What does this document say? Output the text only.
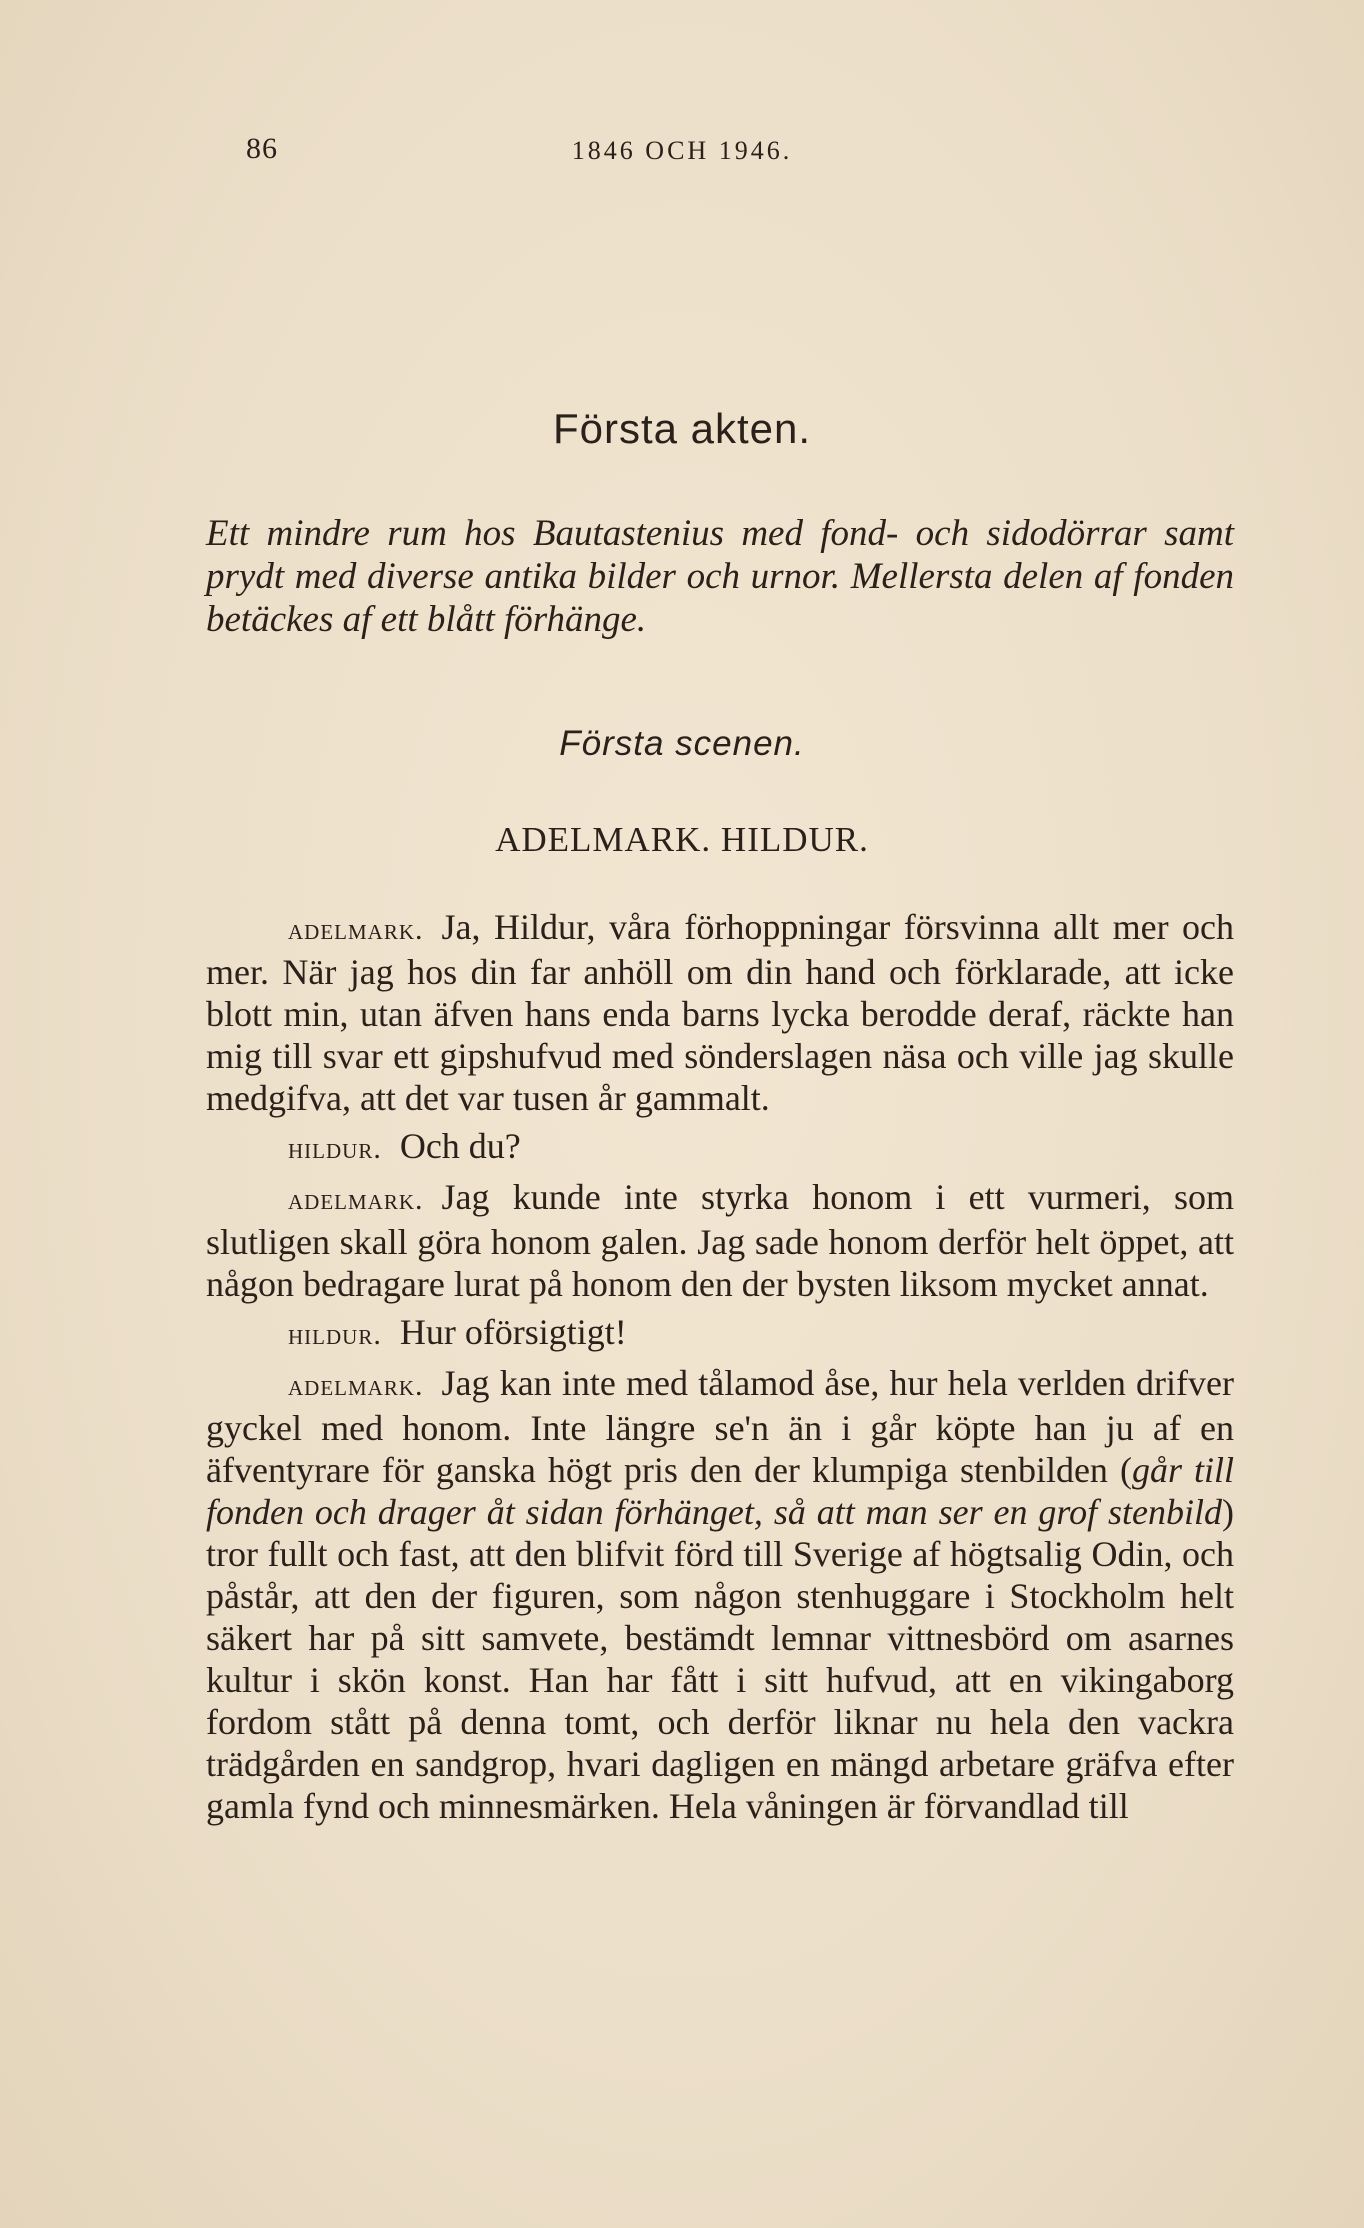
86	1846 OCH 1946.
Första akten.

Ett mindre rum hos Bautastenius med fond- och sidodörrar samt prydt med diverse antika bilder och urnor. Mellersta delen af fonden betäckes af ett blått förhänge.

Första scenen.
ADELMARK. HILDUR.

adelmark. Ja, Hildur, våra förhoppningar försvinna allt mer och mer. När jag hos din far anhöll om din hand och förklarade, att icke blott min, utan äfven hans enda barns lycka berodde deraf, räckte han mig till svar ett gipshufvud med sönderslagen näsa och ville jag skulle medgifva, att det var tusen år gammalt.

hildur. Och du?

adelmark. Jag kunde inte styrka honom i ett vurmeri, som slutligen skall göra honom galen. Jag sade honom derför helt öppet, att någon bedragare lurat på honom den der bysten liksom mycket annat.

hildur. Hur oförsigtigt!

adelmark. Jag kan inte med tålamod åse, hur hela verlden drifver gyckel med honom. Inte längre se'n än i går köpte han ju af en äfventyrare för ganska högt pris den der klumpiga stenbilden (går till fonden och drager åt sidan förhänget, så att man ser en grof stenbild) tror fullt och fast, att den blifvit förd till Sverige af högtsalig Odin, och påstår, att den der figuren, som någon stenhuggare i Stockholm helt säkert har på sitt samvete, bestämdt lemnar vittnesbörd om asarnes kultur i skön konst. Han har fått i sitt hufvud, att en vikingaborg fordom stått på denna tomt, och derför liknar nu hela den vackra trädgården en sandgrop, hvari dagligen en mängd arbetare gräfva efter gamla fynd och minnesmärken. Hela våningen är förvandlad till
